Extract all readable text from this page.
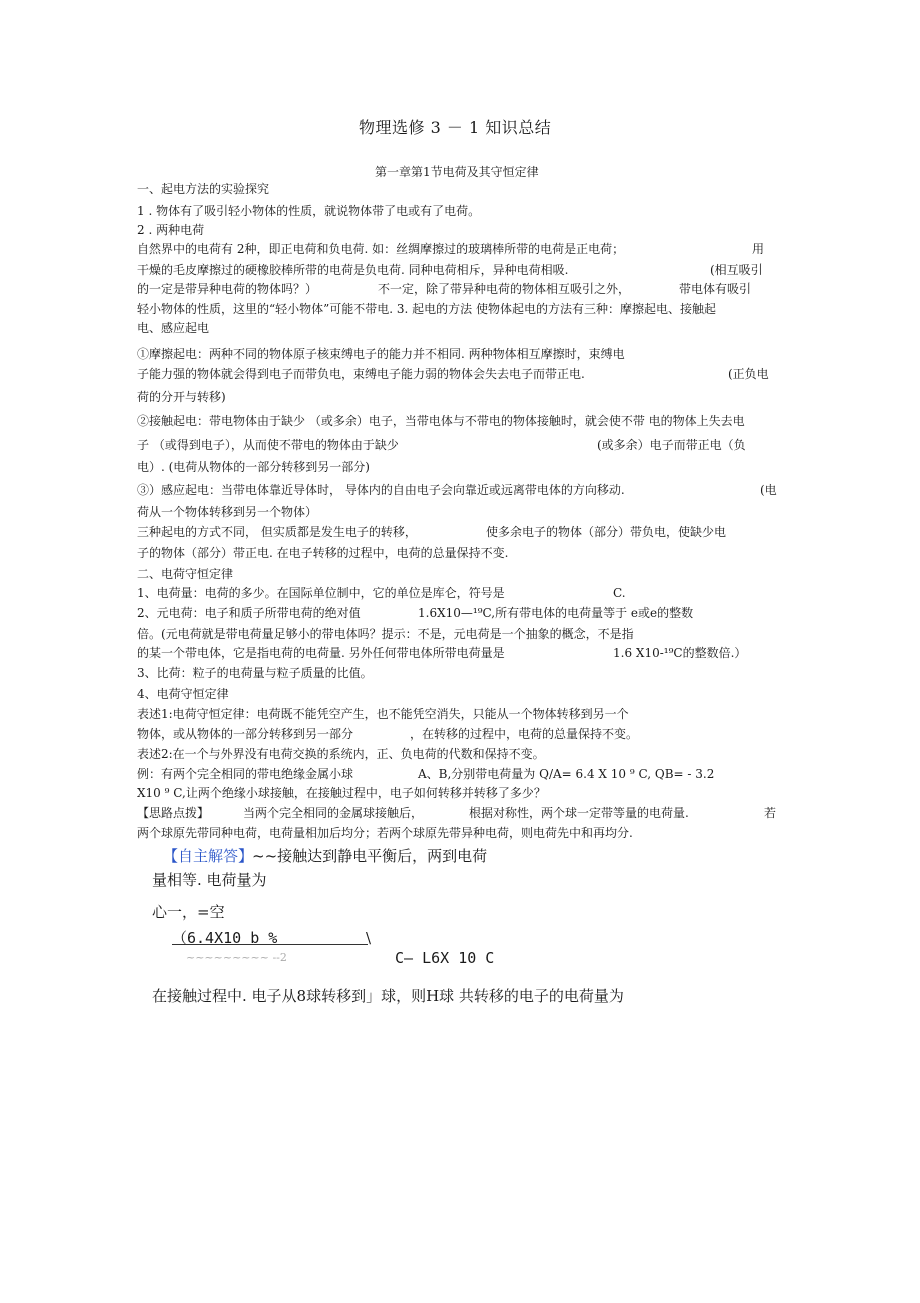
物理选修 3 － 1 知识总结
第一章第1节电荷及其守恒定律
一、起电方法的实验探究
1 . 物体有了吸引轻小物体的性质，就说物体带了电或有了电荷。
2 . 两种电荷
自然界中的电荷有 2种，即正电荷和负电荷. 如：丝绸摩擦过的玻璃棒所带的电荷是正电荷；	用
干燥的毛皮摩擦过的硬橡胶棒所带的电荷是负电荷. 同种电荷相斥，异种电荷相吸.	(相互吸引
的一定是带异种电荷的物体吗？）	不一定，除了带异种电荷的物体相互吸引之外，	带电体有吸引
轻小物体的性质，这里的“轻小物体”可能不带电. 3. 起电的方法 使物体起电的方法有三种：摩擦起电、接触起
电、感应起电
①摩擦起电：两种不同的物体原子核束缚电子的能力并不相同. 两种物体相互摩擦时，束缚电
子能力强的物体就会得到电子而带负电，束缚电子能力弱的物体会失去电子而带正电.	(正负电
荷的分开与转移)
②接触起电：带电物体由于缺少 （或多余）电子，当带电体与不带电的物体接触时，就会使不带 电的物体上失去电
子 （或得到电子），从而使不带电的物体由于缺少	(或多余）电子而带正电（负
电）. (电荷从物体的一部分转移到另一部分)
③）感应起电：当带电体靠近导体时， 导体内的自由电子会向靠近或远离带电体的方向移动.	(电
荷从一个物体转移到另一个物体）
三种起电的方式不同， 但实质都是发生电子的转移，	使多余电子的物体（部分）带负电，使缺少电
子的物体（部分）带正电. 在电子转移的过程中，电荷的总量保持不变.
二、电荷守恒定律
1、电荷量：电荷的多少。在国际单位制中，它的单位是库仑，符号是	C.
2、元电荷：电子和质子所带电荷的绝对值	1.6X10—¹⁹C,所有带电体的电荷量等于 e或e的整数
倍。(元电荷就是带电荷量足够小的带电体吗？提示：不是，元电荷是一个抽象的概念，不是指
的某一个带电体，它是指电荷的电荷量. 另外任何带电体所带电荷量是	1.6 X10-¹⁹C的整数倍.）
3、比荷：粒子的电荷量与粒子质量的比值。
4、电荷守恒定律
表述1:电荷守恒定律：电荷既不能凭空产生，也不能凭空消失，只能从一个物体转移到另一个
物体，或从物体的一部分转移到另一部分	，在转移的过程中，电荷的总量保持不变。
表述2:在一个与外界没有电荷交换的系统内，正、负电荷的代数和保持不变。
例：有两个完全相同的带电绝缘金属小球	A、B,分别带电荷量为 Q/A= 6.4 X 10 ⁹ C, QB= - 3.2
X10 ⁹ C,让两个绝缘小球接触，在接触过程中，电子如何转移并转移了多少？
【思路点拨】	当两个完全相同的金属球接触后，	根据对称性，两个球一定带等量的电荷量.	若
两个球原先带同种电荷，电荷量相加后均分；若两个球原先带异种电荷，则电荷先中和再均分.
【自主解答】
~~接触达到静电平衡后，两到电荷
量相等. 电荷量为
心一，=空
（6.4X10 b %	\
~~~~~~~~~ --2	C— L6X 10 C
在接触过程中. 电子从8球转移到」球，则H球 共转移的电子的电荷量为
